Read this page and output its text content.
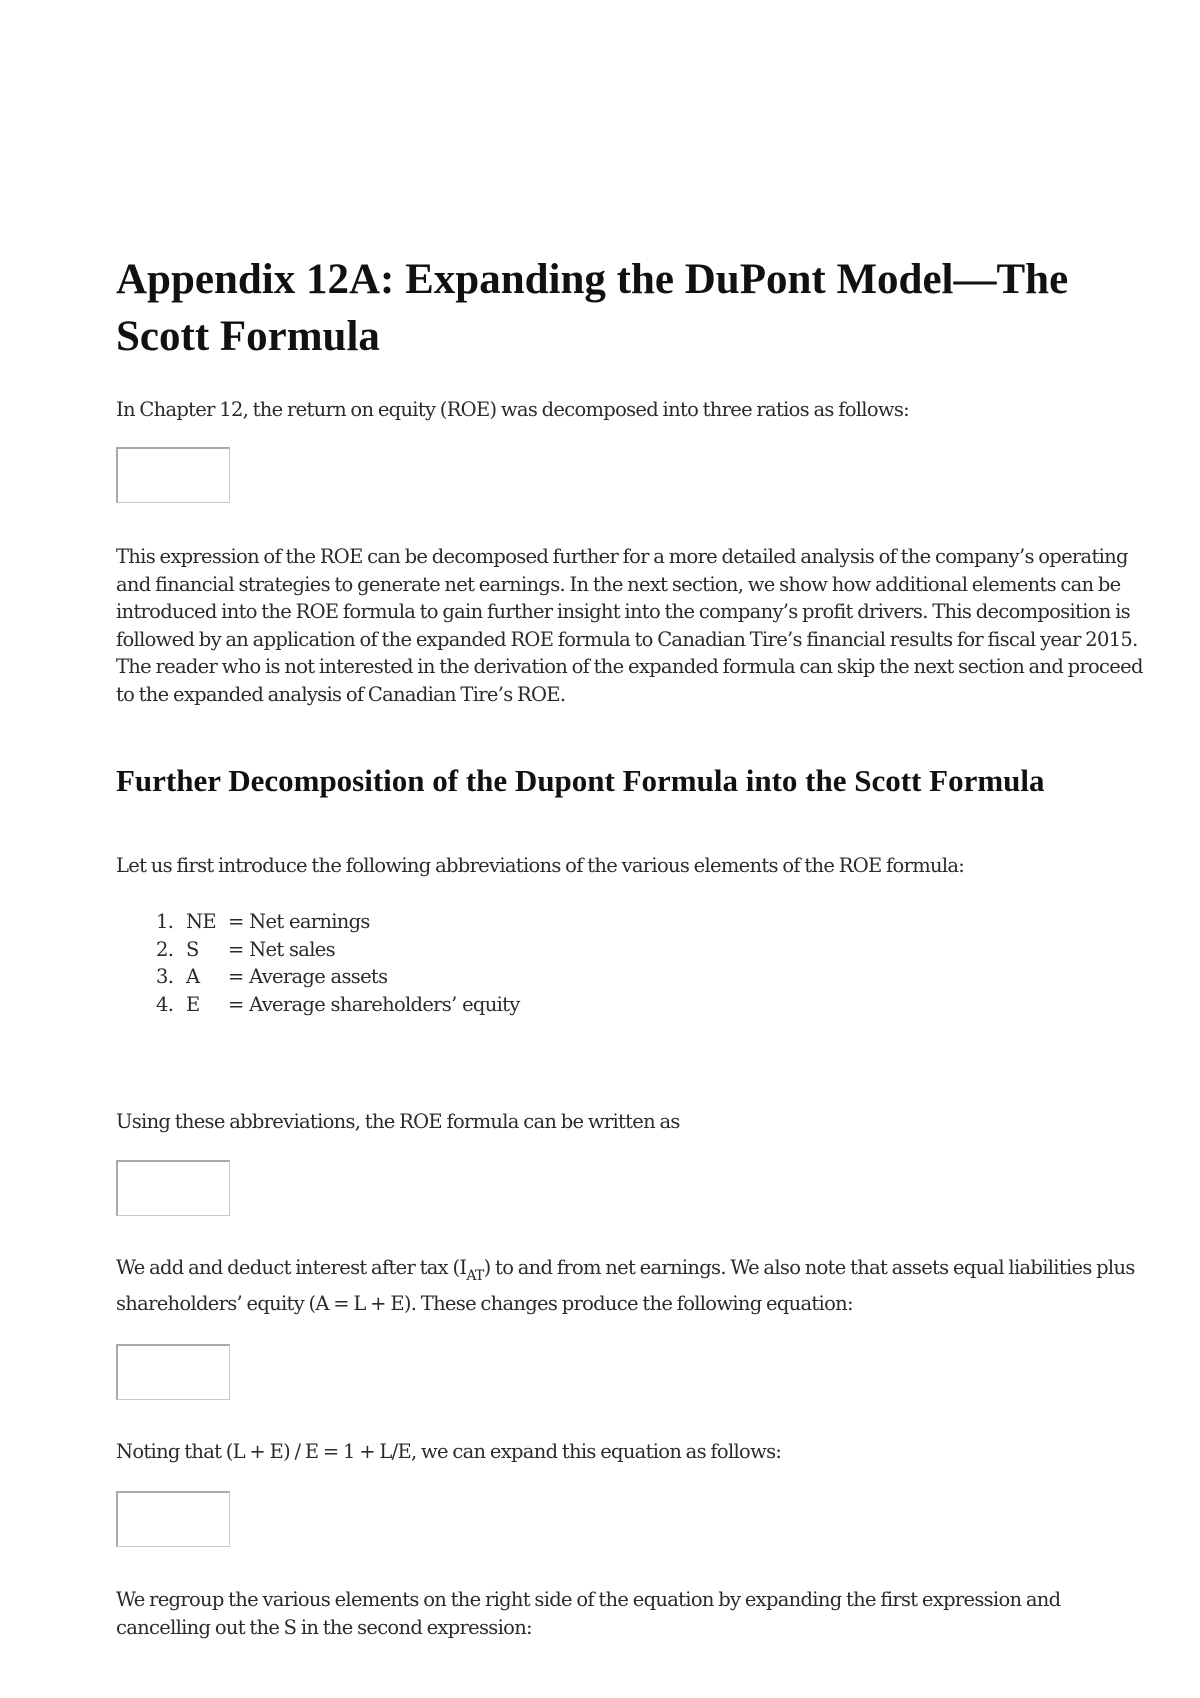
Appendix 12A: Expanding the DuPont Model—The Scott Formula

In Chapter 12, the return on equity (ROE) was decomposed into three ratios as follows:

This expression of the ROE can be decomposed further for a more detailed analysis of the company’s operating and financial strategies to generate net earnings. In the next section, we show how additional elements can be introduced into the ROE formula to gain further insight into the company’s profit drivers. This decomposition is followed by an application of the expanded ROE formula to Canadian Tire’s financial results for fiscal year 2015. The reader who is not interested in the derivation of the expanded formula can skip the next section and proceed to the expanded analysis of Canadian Tire’s ROE.

Further Decomposition of the Dupont Formula into the Scott Formula

Let us first introduce the following abbreviations of the various elements of the ROE formula:

1. NE = Net earnings
2. S = Net sales
3. A = Average assets
4. E = Average shareholders’ equity

Using these abbreviations, the ROE formula can be written as

We add and deduct interest after tax $(I_{AT})$ to and from net earnings. We also note that assets equal liabilities plus shareholders’ equity (A = L + E). These changes produce the following equation:

Noting that (L + E) / E = 1 + L/E, we can expand this equation as follows:

We regroup the various elements on the right side of the equation by expanding the first expression and cancelling out the S in the second expression:
